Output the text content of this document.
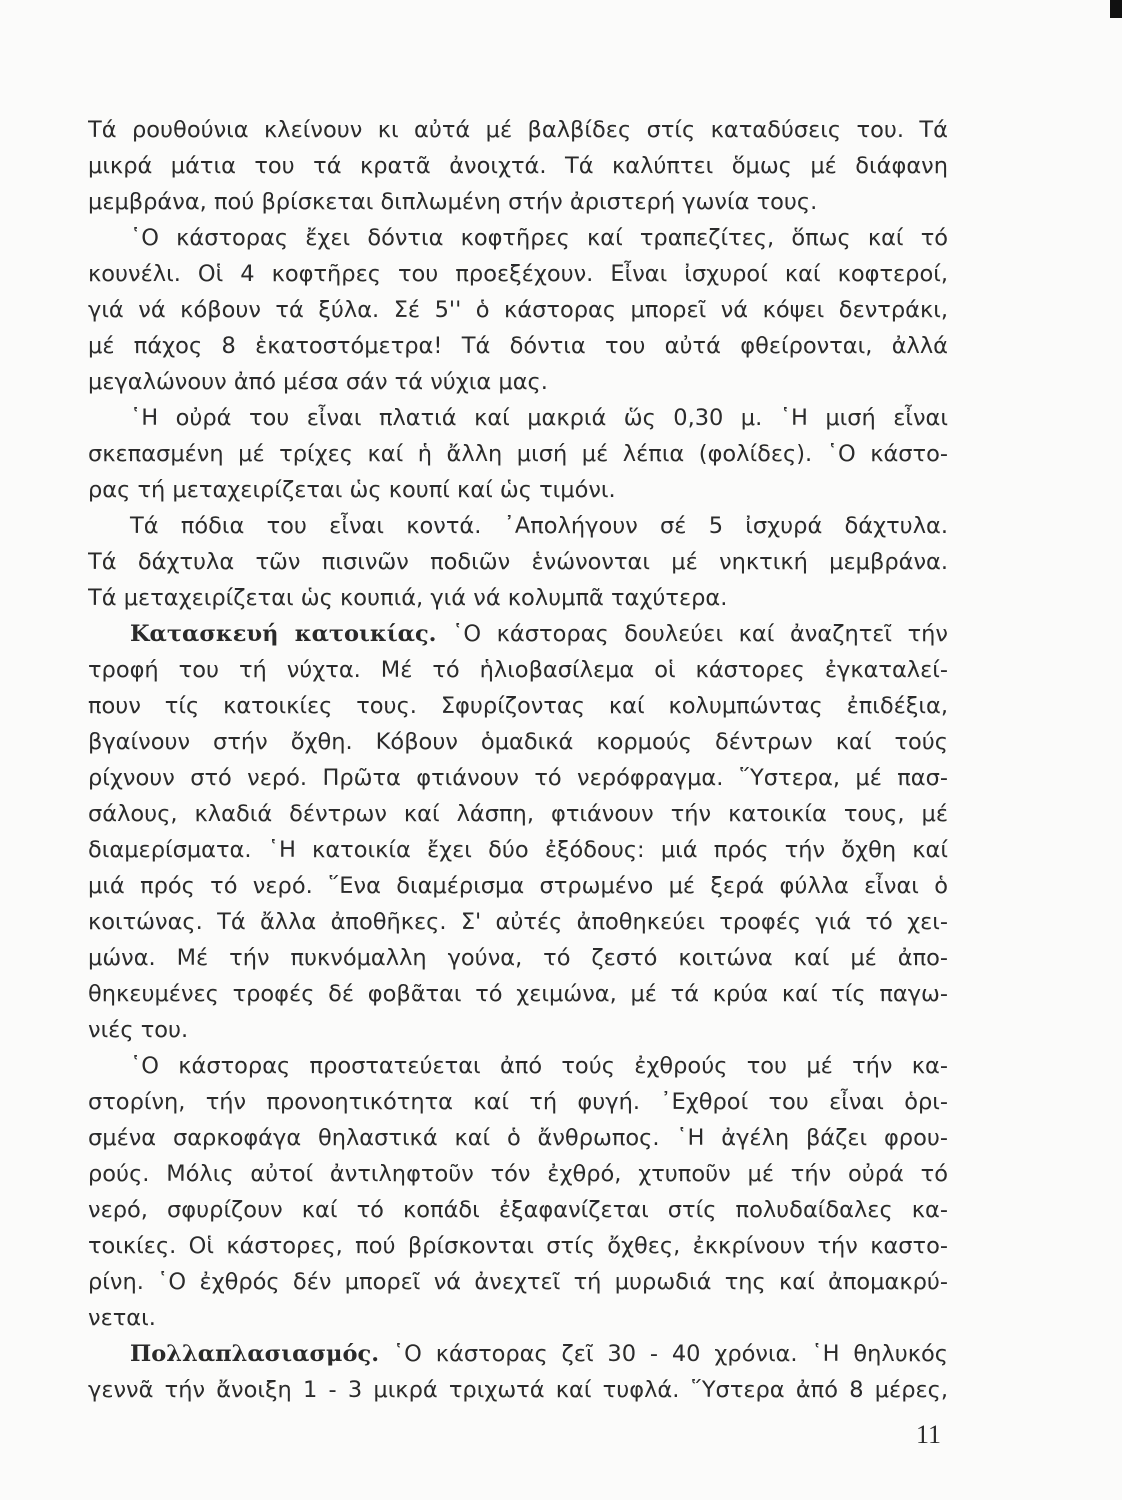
Τά ρουθούνια κλείνουν κι αὐτά μέ βαλβίδες στίς καταδύσεις του. Τά
μικρά μάτια του τά κρατᾶ ἀνοιχτά. Τά καλύπτει ὅμως μέ διάφανη
μεμβράνα, πού βρίσκεται διπλωμένη στήν ἀριστερή γωνία τους.
῾Ο κάστορας ἔχει δόντια κοφτῆρες καί τραπεζίτες, ὅπως καί τό
κουνέλι. Οἱ 4 κοφτῆρες του προεξέχουν. Εἶναι ἰσχυροί καί κοφτεροί,
γιά νά κόβουν τά ξύλα. Σέ 5'' ὁ κάστορας μπορεῖ νά κόψει δεντράκι,
μέ πάχος 8 ἑκατοστόμετρα! Τά δόντια του αὐτά φθείρονται, ἀλλά
μεγαλώνουν ἀπό μέσα σάν τά νύχια μας.
῾Η οὐρά του εἶναι πλατιά καί μακριά ὥς 0,30 μ. ῾Η μισή εἶναι
σκεπασμένη μέ τρίχες καί ἡ ἄλλη μισή μέ λέπια (φολίδες). ῾Ο κάστο-
ρας τή μεταχειρίζεται ὡς κουπί καί ὡς τιμόνι.
Τά πόδια του εἶναι κοντά. ᾿Απολήγουν σέ 5 ἰσχυρά δάχτυλα.
Τά δάχτυλα τῶν πισινῶν ποδιῶν ἑνώνονται μέ νηκτική μεμβράνα.
Τά μεταχειρίζεται ὡς κουπιά, γιά νά κολυμπᾶ ταχύτερα.
Κατασκευή κατοικίας. ῾Ο κάστορας δουλεύει καί ἀναζητεῖ τήν
τροφή του τή νύχτα. Μέ τό ἡλιοβασίλεμα οἱ κάστορες ἐγκαταλεί-
πουν τίς κατοικίες τους. Σφυρίζοντας καί κολυμπώντας ἐπιδέξια,
βγαίνουν στήν ὄχθη. Κόβουν ὁμαδικά κορμούς δέντρων καί τούς
ρίχνουν στό νερό. Πρῶτα φτιάνουν τό νερόφραγμα. ῞Υστερα, μέ πασ-
σάλους, κλαδιά δέντρων καί λάσπη, φτιάνουν τήν κατοικία τους, μέ
διαμερίσματα. ῾Η κατοικία ἔχει δύο ἐξόδους: μιά πρός τήν ὄχθη καί
μιά πρός τό νερό. ῞Ενα διαμέρισμα στρωμένο μέ ξερά φύλλα εἶναι ὁ
κοιτώνας. Τά ἄλλα ἀποθῆκες. Σ' αὐτές ἀποθηκεύει τροφές γιά τό χει-
μώνα. Μέ τήν πυκνόμαλλη γούνα, τό ζεστό κοιτώνα καί μέ ἀπο-
θηκευμένες τροφές δέ φοβᾶται τό χειμώνα, μέ τά κρύα καί τίς παγω-
νιές του.
῾Ο κάστορας προστατεύεται ἀπό τούς ἐχθρούς του μέ τήν κα-
στορίνη, τήν προνοητικότητα καί τή φυγή. ᾿Εχθροί του εἶναι ὁρι-
σμένα σαρκοφάγα θηλαστικά καί ὁ ἄνθρωπος. ῾Η ἀγέλη βάζει φρου-
ρούς. Μόλις αὐτοί ἀντιληφτοῦν τόν ἐχθρό, χτυποῦν μέ τήν οὐρά τό
νερό, σφυρίζουν καί τό κοπάδι ἐξαφανίζεται στίς πολυδαίδαλες κα-
τοικίες. Οἱ κάστορες, πού βρίσκονται στίς ὄχθες, ἐκκρίνουν τήν καστο-
ρίνη. ῾Ο ἐχθρός δέν μπορεῖ νά ἀνεχτεῖ τή μυρωδιά της καί ἀπομακρύ-
νεται.
Πολλαπλασιασμός. ῾Ο κάστορας ζεῖ 30 - 40 χρόνια. ῾Η θηλυκός
γεννᾶ τήν ἄνοιξη 1 - 3 μικρά τριχωτά καί τυφλά. ῞Υστερα ἀπό 8 μέρες,
11
